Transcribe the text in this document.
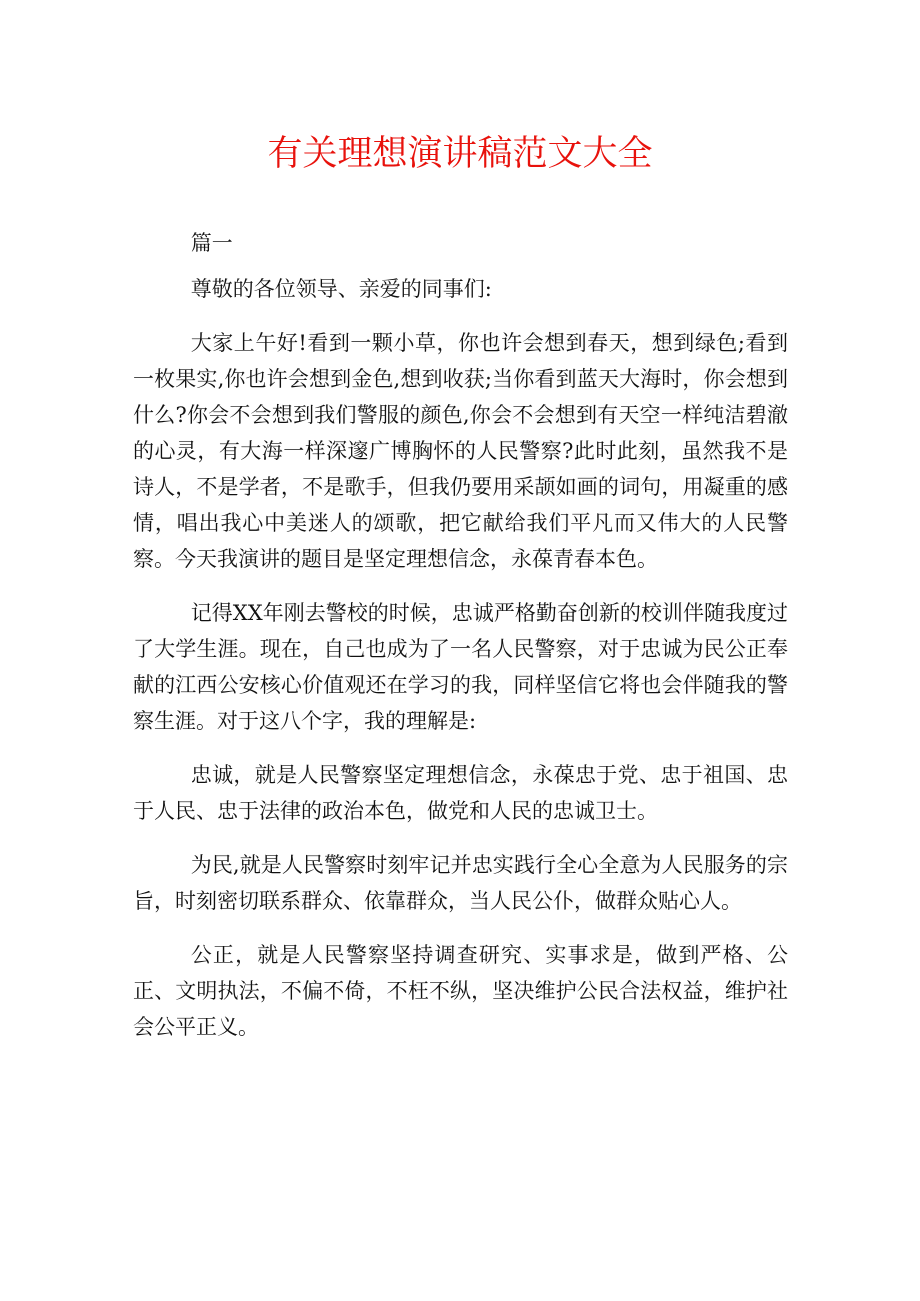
有关理想演讲稿范文大全

篇一

尊敬的各位领导、亲爱的同事们:

大家上午好!看到一颗小草，你也许会想到春天，想到绿色;看到一枚果实,你也许会想到金色,想到收获;当你看到蓝天大海时，你会想到什么?你会不会想到我们警服的颜色,你会不会想到有天空一样纯洁碧澈的心灵，有大海一样深邃广博胸怀的人民警察?此时此刻，虽然我不是诗人，不是学者，不是歌手，但我仍要用采颉如画的词句，用凝重的感情，唱出我心中美迷人的颂歌，把它献给我们平凡而又伟大的人民警察。今天我演讲的题目是坚定理想信念，永葆青春本色。

记得XX年刚去警校的时候，忠诚严格勤奋创新的校训伴随我度过了大学生涯。现在，自己也成为了一名人民警察，对于忠诚为民公正奉献的江西公安核心价值观还在学习的我，同样坚信它将也会伴随我的警察生涯。对于这八个字，我的理解是:

忠诚，就是人民警察坚定理想信念，永葆忠于党、忠于祖国、忠于人民、忠于法律的政治本色，做党和人民的忠诚卫士。

为民,就是人民警察时刻牢记并忠实践行全心全意为人民服务的宗旨，时刻密切联系群众、依靠群众，当人民公仆，做群众贴心人。

公正，就是人民警察坚持调查研究、实事求是，做到严格、公正、文明执法，不偏不倚，不枉不纵，坚决维护公民合法权益，维护社会公平正义。
